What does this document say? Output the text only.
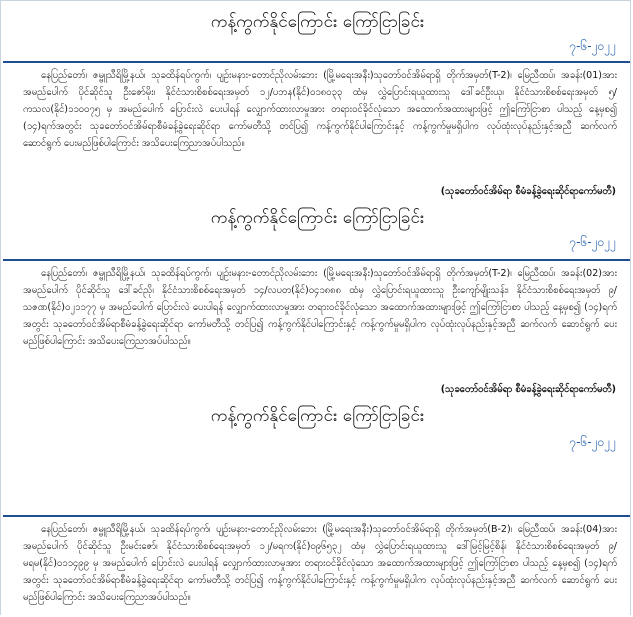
ကန့်ကွက်နိုင်ကြောင်း ကြော်ငြာခြင်း
၇-၆-၂၀၂၂
နေပြည်တော်၊ ဇမ္ဗူသီရိမြို့နယ်၊ သုခထိန်ရပ်ကွက်၊ ပျဉ်းမနား-တောင်ညိုလမ်းဘေး (မြို့မရေးအနီး)သုတော်ဝင်အိမ်ရာရှိ တိုက်အမှတ်(T-2)၊ မြေညီထပ်၊ အခန်း(01)အား အမည်ပေါက် ပိုင်ဆိုင်သူ ဦးဇော်မိုး၊ နိုင်ငံသားစိစစ်ရေးအမှတ် ၁၂/ပဘန(နိုင်)၀၁၈၀၃၃ ထံမှ လွှဲပြောင်းရယူထားသူ ဒေါ်ခင်ဦးယု၊ နိုင်ငံသားစိစစ်ရေးအမှတ် ၅/ကသလ(နိုင်)၁၁၀၀၇၅ မှ အမည်ပေါက် ပြောင်းလဲ ပေးပါရန် လျှောက်ထားလာမှုအား တရားဝင်ခိုင်လုံသော အထောက်အထားများဖြင့် ဤကြော်ငြာစာ ပါသည့် နေ့မှစ၍ (၁၄)ရက်အတွင်း သုခတော်ဝင်အိမ်ရာစီမံခန့်ခွဲရေးဆိုင်ရာ ကော်မတီသို့ တင်ပြ၍ ကန့်ကွက်နိုင်ပါကြောင်းနှင့် ကန့်ကွက်မှုမရှိပါက လုပ်ထုံးလုပ်နည်းနှင့်အညီ ဆက်လက် ဆောင်ရွက် ပေးမည်ဖြစ်ပါကြောင်း အသိပေးကြေညာအပ်ပါသည်။
(သုခတော်ဝင်အိမ်ရာ စီမံခန့်ခွဲရေးဆိုင်ရာကော်မတီ)
ကန့်ကွက်နိုင်ကြောင်း ကြော်ငြာခြင်း
၇-၆-၂၀၂၂
နေပြည်တော်၊ ဇမ္ဗူသီရိမြို့နယ်၊ သုခထိန်ရပ်ကွက်၊ ပျဉ်းမနား-တောင်ညိုလမ်းဘေး (မြို့မရေးအနီး)သုတော်ဝင်အိမ်ရာရှိ တိုက်အမှတ်(T-2)၊ မြေညီထပ်၊ အခန်း(02)အား အမည်ပေါက် ပိုင်ဆိုင်သူ ဒေါ်ခင်ညို၊ နိုင်ငံသားစိစစ်ရေးအမှတ် ၁၄/လပတ(နိုင်)၀၄၁၈၈၈ ထံမှ လွှဲပြောင်းရယူထားသူ ဦးကျော်မျိုးသန်း၊ နိုင်ငံသားစိစစ်ရေးအမှတ် ၉/သဇဏ(နိုင်)၀၂၁၁၇၇ မှ အမည်ပေါက် ပြောင်းလဲ ပေးပါရန် လျှောက်ထားလာမှုအား တရားဝင်ခိုင်လုံသော အထောက်အထားများဖြင့် ဤကြော်ငြာစာ ပါသည့် နေ့မှစ၍ (၁၄)ရက်အတွင်း သုခတော်ဝင်အိမ်ရာစီမံခန့်ခွဲရေးဆိုင်ရာ ကော်မတီသို့ တင်ပြ၍ ကန့်ကွက်နိုင်ပါကြောင်းနှင့် ကန့်ကွက်မှုမရှိပါက လုပ်ထုံးလုပ်နည်းနှင့်အညီ ဆက်လက် ဆောင်ရွက် ပေးမည်ဖြစ်ပါကြောင်း အသိပေးကြေညာအပ်ပါသည်။
(သုခတော်ဝင်အိမ်ရာ စီမံခန့်ခွဲရေးဆိုင်ရာကော်မတီ)
ကန့်ကွက်နိုင်ကြောင်း ကြော်ငြာခြင်း
၇-၆-၂၀၂၂
နေပြည်တော်၊ ဇမ္ဗူသီရိမြို့နယ်၊ သုခထိန်ရပ်ကွက်၊ ပျဉ်းမနား-တောင်ညိုလမ်းဘေး (မြို့မရေးအနီး)သုတော်ဝင်အိမ်ရာရှိ တိုက်အမှတ်(B-2)၊ မြေညီထပ်၊ အခန်း(04)အား အမည်ပေါက် ပိုင်ဆိုင်သူ ဦးမင်းဇော်၊ နိုင်ငံသားစိစစ်ရေးအမှတ် ၁၂/မရက(နိုင်)၀၉၆၅၃၂ ထံမှ လွှဲပြောင်းရယူထားသူ ဒေါ်မြင့်မြင့်စိန်၊ နိုင်ငံသားစိစစ်ရေးအမှတ် ၉/မရမ(နိုင်)၀၁၁၄၉၉ မှ အမည်ပေါက် ပြောင်းလဲ ပေးပါရန် လျှောက်ထားလာမှုအား တရားဝင်ခိုင်လုံသော အထောက်အထားများဖြင့် ဤကြော်ငြာစာ ပါသည့် နေ့မှစ၍ (၁၄)ရက်အတွင်း သုခတော်ဝင်အိမ်ရာစီမံခန့်ခွဲရေးဆိုင်ရာ ကော်မတီသို့ တင်ပြ၍ ကန့်ကွက်နိုင်ပါကြောင်းနှင့် ကန့်ကွက်မှုမရှိပါက လုပ်ထုံးလုပ်နည်းနှင့်အညီ ဆက်လက် ဆောင်ရွက် ပေးမည်ဖြစ်ပါကြောင်း အသိပေးကြေညာအပ်ပါသည်။
